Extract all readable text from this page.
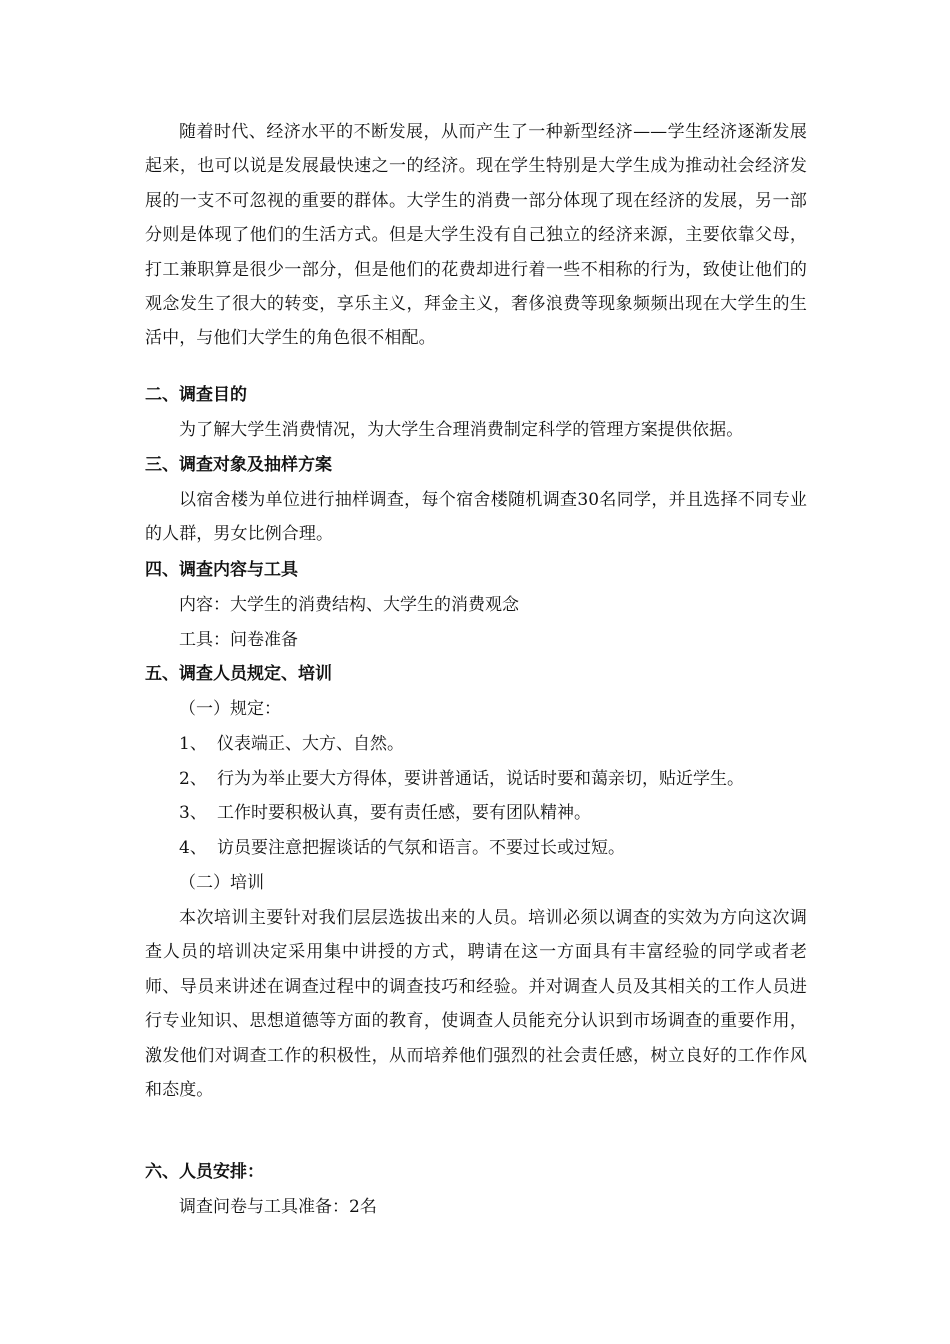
随着时代、经济水平的不断发展，从而产生了一种新型经济——学生经济逐渐发展起来，也可以说是发展最快速之一的经济。现在学生特别是大学生成为推动社会经济发展的一支不可忽视的重要的群体。大学生的消费一部分体现了现在经济的发展，另一部分则是体现了他们的生活方式。但是大学生没有自己独立的经济来源，主要依靠父母，打工兼职算是很少一部分，但是他们的花费却进行着一些不相称的行为，致使让他们的观念发生了很大的转变，享乐主义，拜金主义，奢侈浪费等现象频频出现在大学生的生活中，与他们大学生的角色很不相配。

二、调查目的

为了解大学生消费情况，为大学生合理消费制定科学的管理方案提供依据。

三、调查对象及抽样方案

以宿舍楼为单位进行抽样调查，每个宿舍楼随机调查30名同学，并且选择不同专业的人群，男女比例合理。

四、调查内容与工具

内容：大学生的消费结构、大学生的消费观念

工具：问卷准备

五、调查人员规定、培训

（一）规定：

1、 仪表端正、大方、自然。

2、 行为为举止要大方得体，要讲普通话，说话时要和蔼亲切，贴近学生。

3、 工作时要积极认真，要有责任感，要有团队精神。

4、 访员要注意把握谈话的气氛和语言。不要过长或过短。

（二）培训

本次培训主要针对我们层层选拔出来的人员。培训必须以调查的实效为方向这次调查人员的培训决定采用集中讲授的方式，聘请在这一方面具有丰富经验的同学或者老师、导员来讲述在调查过程中的调查技巧和经验。并对调查人员及其相关的工作人员进行专业知识、思想道德等方面的教育，使调查人员能充分认识到市场调查的重要作用，激发他们对调查工作的积极性，从而培养他们强烈的社会责任感，树立良好的工作作风和态度。

六、人员安排：

调查问卷与工具准备：2名
